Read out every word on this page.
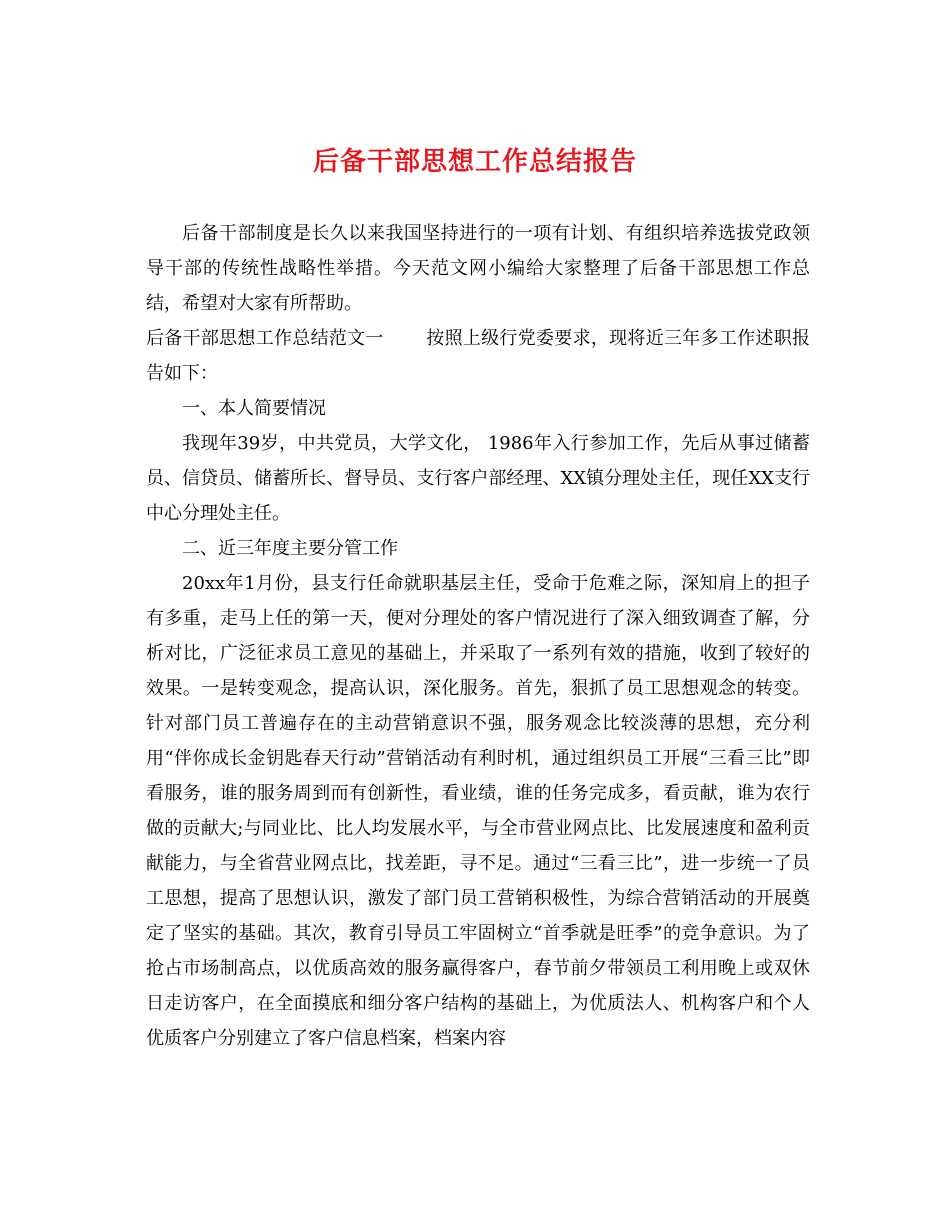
后备干部思想工作总结报告

后备干部制度是长久以来我国坚持进行的一项有计划、有组织培养选拔党政领导干部的传统性战略性举措。今天范文网小编给大家整理了后备干部思想工作总结，希望对大家有所帮助。

后备干部思想工作总结范文一　　 按照上级行党委要求，现将近三年多工作述职报告如下：

一、本人简要情况

我现年39岁，中共党员，大学文化， 1986年入行参加工作，先后从事过储蓄员、信贷员、储蓄所长、督导员、支行客户部经理、XX镇分理处主任，现任XX支行中心分理处主任。

二、近三年度主要分管工作

20xx年1月份，县支行任命就职基层主任，受命于危难之际，深知肩上的担子有多重，走马上任的第一天，便对分理处的客户情况进行了深入细致调查了解，分析对比，广泛征求员工意见的基础上，并采取了一系列有效的措施，收到了较好的效果。一是转变观念，提高认识，深化服务。首先，狠抓了员工思想观念的转变。针对部门员工普遍存在的主动营销意识不强，服务观念比较淡薄的思想，充分利用“伴你成长金钥匙春天行动”营销活动有利时机，通过组织员工开展“三看三比”即看服务，谁的服务周到而有创新性，看业绩，谁的任务完成多，看贡献，谁为农行做的贡献大;与同业比、比人均发展水平，与全市营业网点比、比发展速度和盈利贡献能力，与全省营业网点比，找差距，寻不足。通过“三看三比”，进一步统一了员工思想，提高了思想认识，激发了部门员工营销积极性，为综合营销活动的开展奠定了坚实的基础。其次，教育引导员工牢固树立“首季就是旺季”的竞争意识。为了抢占市场制高点，以优质高效的服务赢得客户，春节前夕带领员工利用晚上或双休日走访客户，在全面摸底和细分客户结构的基础上，为优质法人、机构客户和个人优质客户分别建立了客户信息档案，档案内容
